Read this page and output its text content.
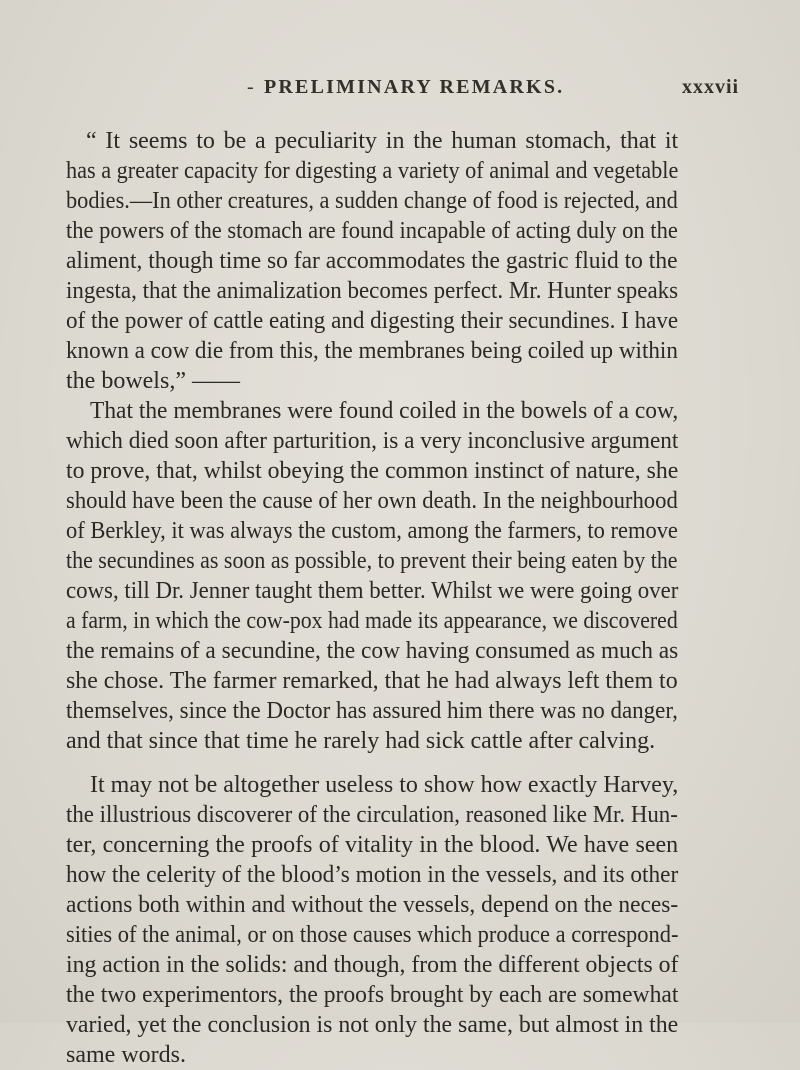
- PRELIMINARY REMARKS.	xxxvii
“ It seems to be a peculiarity in the human stomach, that it
has a greater capacity for digesting a variety of animal and vegetable
bodies.—In other creatures, a sudden change of food is rejected, and
the powers of the stomach are found incapable of acting duly on the
aliment, though time so far accommodates the gastric fluid to the
ingesta, that the animalization becomes perfect. Mr. Hunter speaks
of the power of cattle eating and digesting their secundines. I have
known a cow die from this, the membranes being coiled up within
the bowels,” ——
That the membranes were found coiled in the bowels of a cow,
which died soon after parturition, is a very inconclusive argument
to prove, that, whilst obeying the common instinct of nature, she
should have been the cause of her own death. In the neighbourhood
of Berkley, it was always the custom, among the farmers, to remove
the secundines as soon as possible, to prevent their being eaten by the
cows, till Dr. Jenner taught them better. Whilst we were going over
a farm, in which the cow-pox had made its appearance, we discovered
the remains of a secundine, the cow having consumed as much as
she chose. The farmer remarked, that he had always left them to
themselves, since the Doctor has assured him there was no danger,
and that since that time he rarely had sick cattle after calving.
It may not be altogether useless to show how exactly Harvey,
the illustrious discoverer of the circulation, reasoned like Mr. Hun-
ter, concerning the proofs of vitality in the blood. We have seen
how the celerity of the blood’s motion in the vessels, and its other
actions both within and without the vessels, depend on the neces-
sities of the animal, or on those causes which produce a correspond-
ing action in the solids: and though, from the different objects of
the two experimentors, the proofs brought by each are somewhat
varied, yet the conclusion is not only the same, but almost in the
same words.
